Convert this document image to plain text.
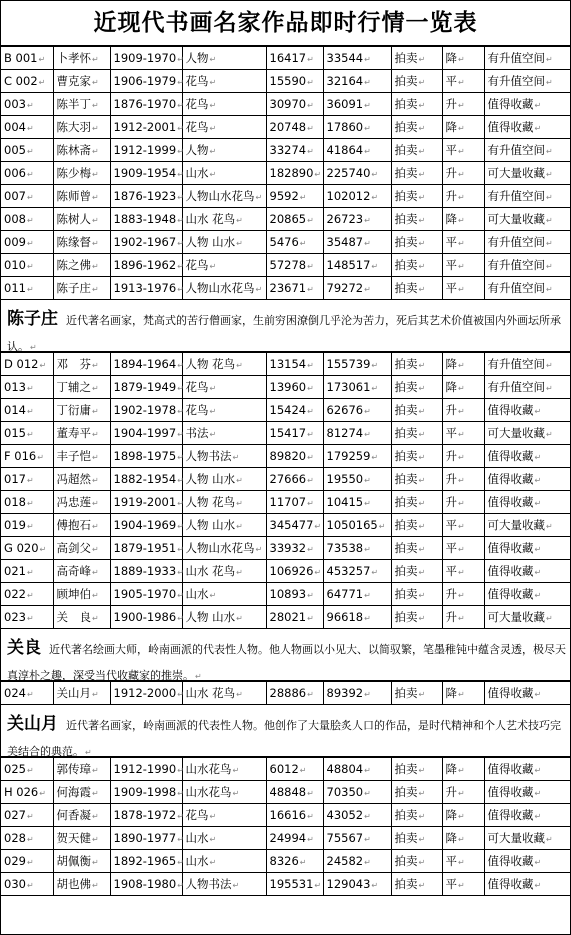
近现代书画名家作品即时行情一览表
B 001↵	卜孝怀↵	1909-1970↵	人物↵	16417↵	33544↵	拍卖↵	降↵	有升值空间↵
C 002↵	曹克家↵	1906-1979↵	花鸟↵	15590↵	32164↵	拍卖↵	平↵	有升值空间↵
003↵	陈半丁↵	1876-1970↵	花鸟↵	30970↵	36091↵	拍卖↵	升↵	值得收藏↵
004↵	陈大羽↵	1912-2001↵	花鸟↵	20748↵	17860↵	拍卖↵	降↵	值得收藏↵
005↵	陈林斋↵	1912-1999↵	人物↵	33274↵	41864↵	拍卖↵	平↵	有升值空间↵
006↵	陈少梅↵	1909-1954↵	山水↵	182890↵	225740↵	拍卖↵	升↵	可大量收藏↵
007↵	陈师曾↵	1876-1923↵	人物山水花鸟↵	9592↵	102012↵	拍卖↵	升↵	有升值空间↵
008↵	陈树人↵	1883-1948↵	山水 花鸟↵	20865↵	26723↵	拍卖↵	降↵	可大量收藏↵
009↵	陈缘督↵	1902-1967↵	人物 山水↵	5476↵	35487↵	拍卖↵	平↵	有升值空间↵
010↵	陈之佛↵	1896-1962↵	花鸟↵	57278↵	148517↵	拍卖↵	平↵	有升值空间↵
011↵	陈子庄↵	1913-1976↵	人物山水花鸟↵	23671↵	79272↵	拍卖↵	平↵	有升值空间↵
陈子庄 近代著名画家，梵高式的苦行僧画家，生前穷困潦倒几乎沦为苦力，死后其艺术价值被国内外画坛所承认。↵
D 012↵	邓　芬↵	1894-1964↵	人物 花鸟↵	13154↵	155739↵	拍卖↵	降↵	有升值空间↵
013↵	丁辅之↵	1879-1949↵	花鸟↵	13960↵	173061↵	拍卖↵	降↵	有升值空间↵
014↵	丁衍庸↵	1902-1978↵	花鸟↵	15424↵	62676↵	拍卖↵	升↵	值得收藏↵
015↵	董寿平↵	1904-1997↵	书法↵	15417↵	81274↵	拍卖↵	平↵	可大量收藏↵
F 016↵	丰子恺↵	1898-1975↵	人物书法↵	89820↵	179259↵	拍卖↵	升↵	值得收藏↵
017↵	冯超然↵	1882-1954↵	人物 山水↵	27666↵	19550↵	拍卖↵	升↵	值得收藏↵
018↵	冯忠莲↵	1919-2001↵	人物 花鸟↵	11707↵	10415↵	拍卖↵	升↵	值得收藏↵
019↵	傅抱石↵	1904-1969↵	人物 山水↵	345477↵	1050165↵	拍卖↵	平↵	可大量收藏↵
G 020↵	高剑父↵	1879-1951↵	人物山水花鸟↵	33932↵	73538↵	拍卖↵	平↵	值得收藏↵
021↵	高奇峰↵	1889-1933↵	山水 花鸟↵	106926↵	453257↵	拍卖↵	平↵	值得收藏↵
022↵	顾坤伯↵	1905-1970↵	山水↵	10893↵	64771↵	拍卖↵	升↵	值得收藏↵
023↵	关　良↵	1900-1986↵	人物 山水↵	28021↵	96618↵	拍卖↵	升↵	可大量收藏↵
关良 近代著名绘画大师，岭南画派的代表性人物。他人物画以小见大、以简驭繁，笔墨稚钝中蕴含灵透，极尽天真淳朴之趣，深受当代收藏家的推崇。↵
024↵	关山月↵	1912-2000↵	山水 花鸟↵	28886↵	89392↵	拍卖↵	降↵	值得收藏↵
关山月 近代著名画家，岭南画派的代表性人物。他创作了大量脍炙人口的作品，是时代精神和个人艺术技巧完美结合的典范。↵
025↵	郭传璋↵	1912-1990↵	山水花鸟↵	6012↵	48804↵	拍卖↵	降↵	值得收藏↵
H 026↵	何海霞↵	1909-1998↵	山水花鸟↵	48848↵	70350↵	拍卖↵	升↵	值得收藏↵
027↵	何香凝↵	1878-1972↵	花鸟↵	16616↵	43052↵	拍卖↵	降↵	值得收藏↵
028↵	贺天健↵	1890-1977↵	山水↵	24994↵	75567↵	拍卖↵	降↵	可大量收藏↵
029↵	胡佩衡↵	1892-1965↵	山水↵	8326↵	24582↵	拍卖↵	平↵	值得收藏↵
030↵	胡也佛↵	1908-1980↵	人物书法↵	195531↵	129043↵	拍卖↵	平↵	值得收藏↵
